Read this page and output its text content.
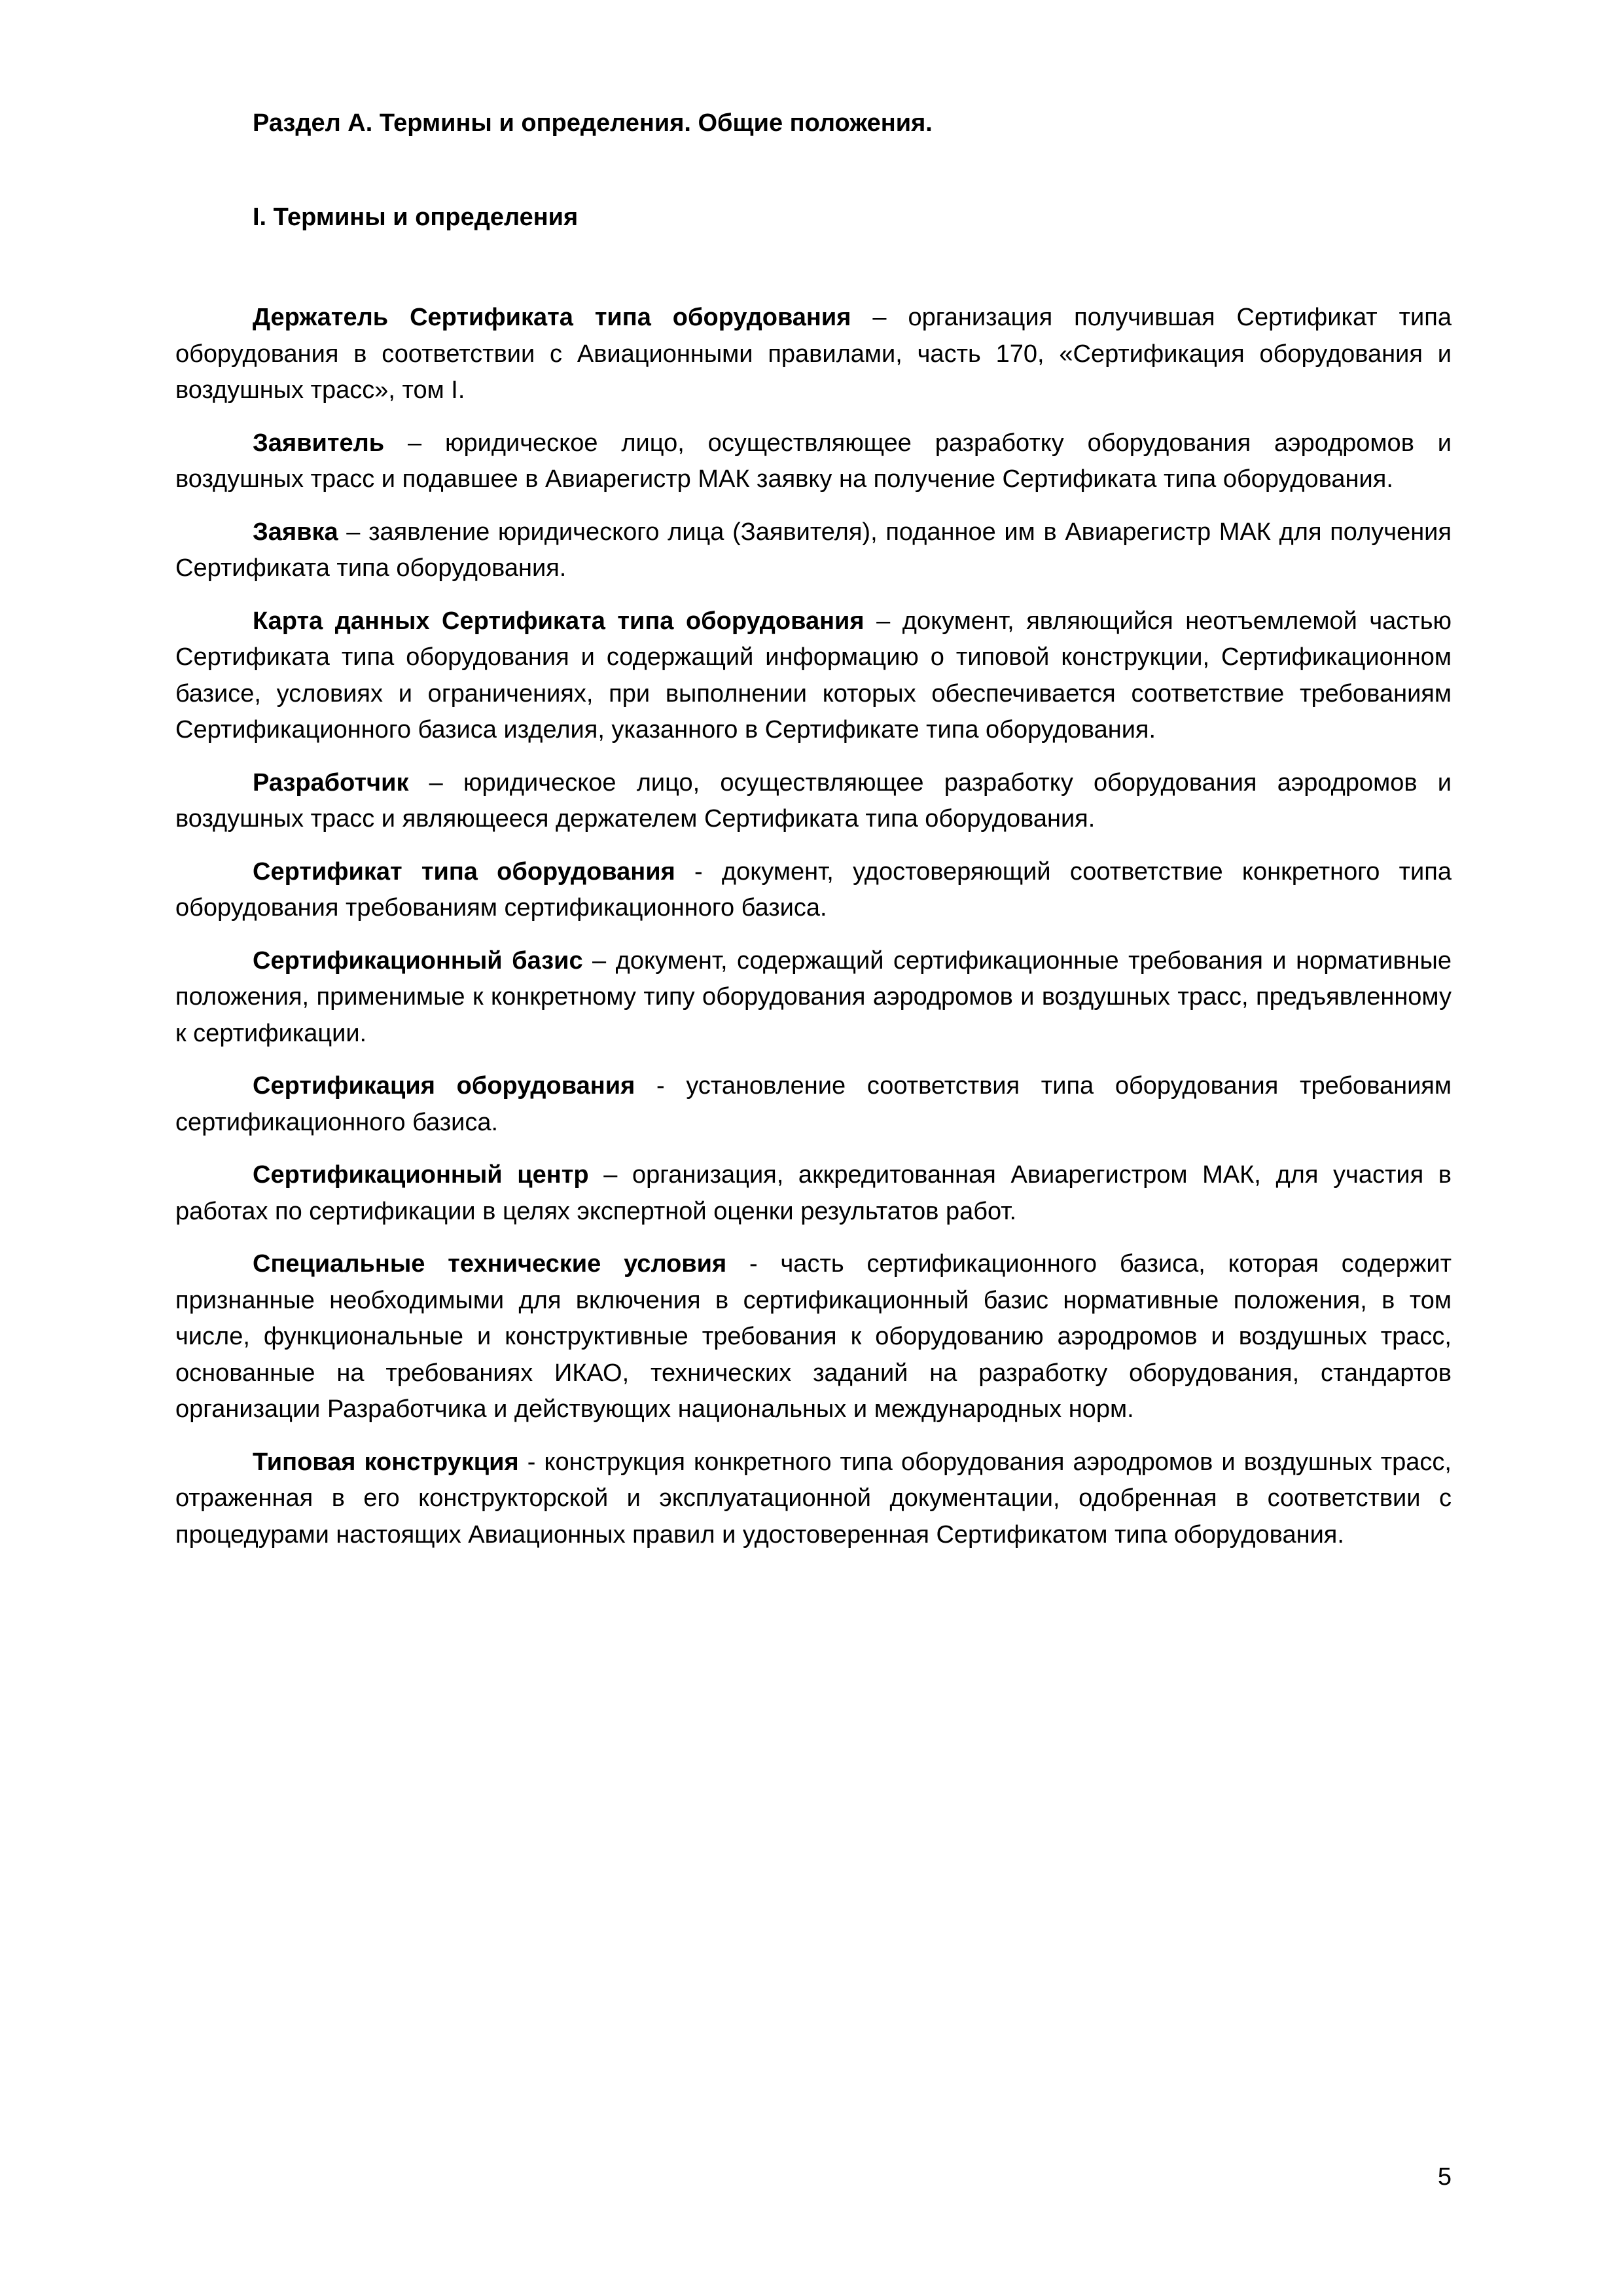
Раздел А. Термины и определения. Общие положения.

I. Термины и определения

Держатель Сертификата типа оборудования – организация получившая Сертификат типа оборудования в соответствии с Авиационными правилами, часть 170, «Сертификация оборудования и воздушных трасс», том I.

Заявитель – юридическое лицо, осуществляющее разработку оборудования аэродромов и воздушных трасс и подавшее в Авиарегистр МАК заявку на получение Сертификата типа оборудования.

Заявка – заявление юридического лица (Заявителя), поданное им в Авиарегистр МАК для получения Сертификата типа оборудования.

Карта данных Сертификата типа оборудования – документ, являющийся неотъемлемой частью Сертификата типа оборудования и содержащий информацию о типовой конструкции, Сертификационном базисе, условиях и ограничениях, при выполнении которых обеспечивается соответствие требованиям Сертификационного базиса изделия, указанного в Сертификате типа оборудования.

Разработчик – юридическое лицо, осуществляющее разработку оборудования аэродромов и воздушных трасс и являющееся держателем Сертификата типа оборудования.

Сертификат типа оборудования - документ, удостоверяющий соответствие конкретного типа оборудования требованиям сертификационного базиса.

Сертификационный базис – документ, содержащий сертификационные требования и нормативные положения, применимые к конкретному типу оборудования аэродромов и воздушных трасс, предъявленному к сертификации.

Сертификация оборудования - установление соответствия типа оборудования требованиям сертификационного базиса.

Сертификационный центр – организация, аккредитованная Авиарегистром МАК, для участия в работах по сертификации в целях экспертной оценки результатов работ.

Специальные технические условия - часть сертификационного базиса, которая содержит признанные необходимыми для включения в сертификационный базис нормативные положения, в том числе, функциональные и конструктивные требования к оборудованию аэродромов и воздушных трасс, основанные на требованиях ИКАО, технических заданий на разработку оборудования, стандартов организации Разработчика и действующих национальных и международных норм.

Типовая конструкция - конструкция конкретного типа оборудования аэродромов и воздушных трасс, отраженная в его конструкторской и эксплуатационной документации, одобренная в соответствии с процедурами настоящих Авиационных правил и удостоверенная Сертификатом типа оборудования.

5
